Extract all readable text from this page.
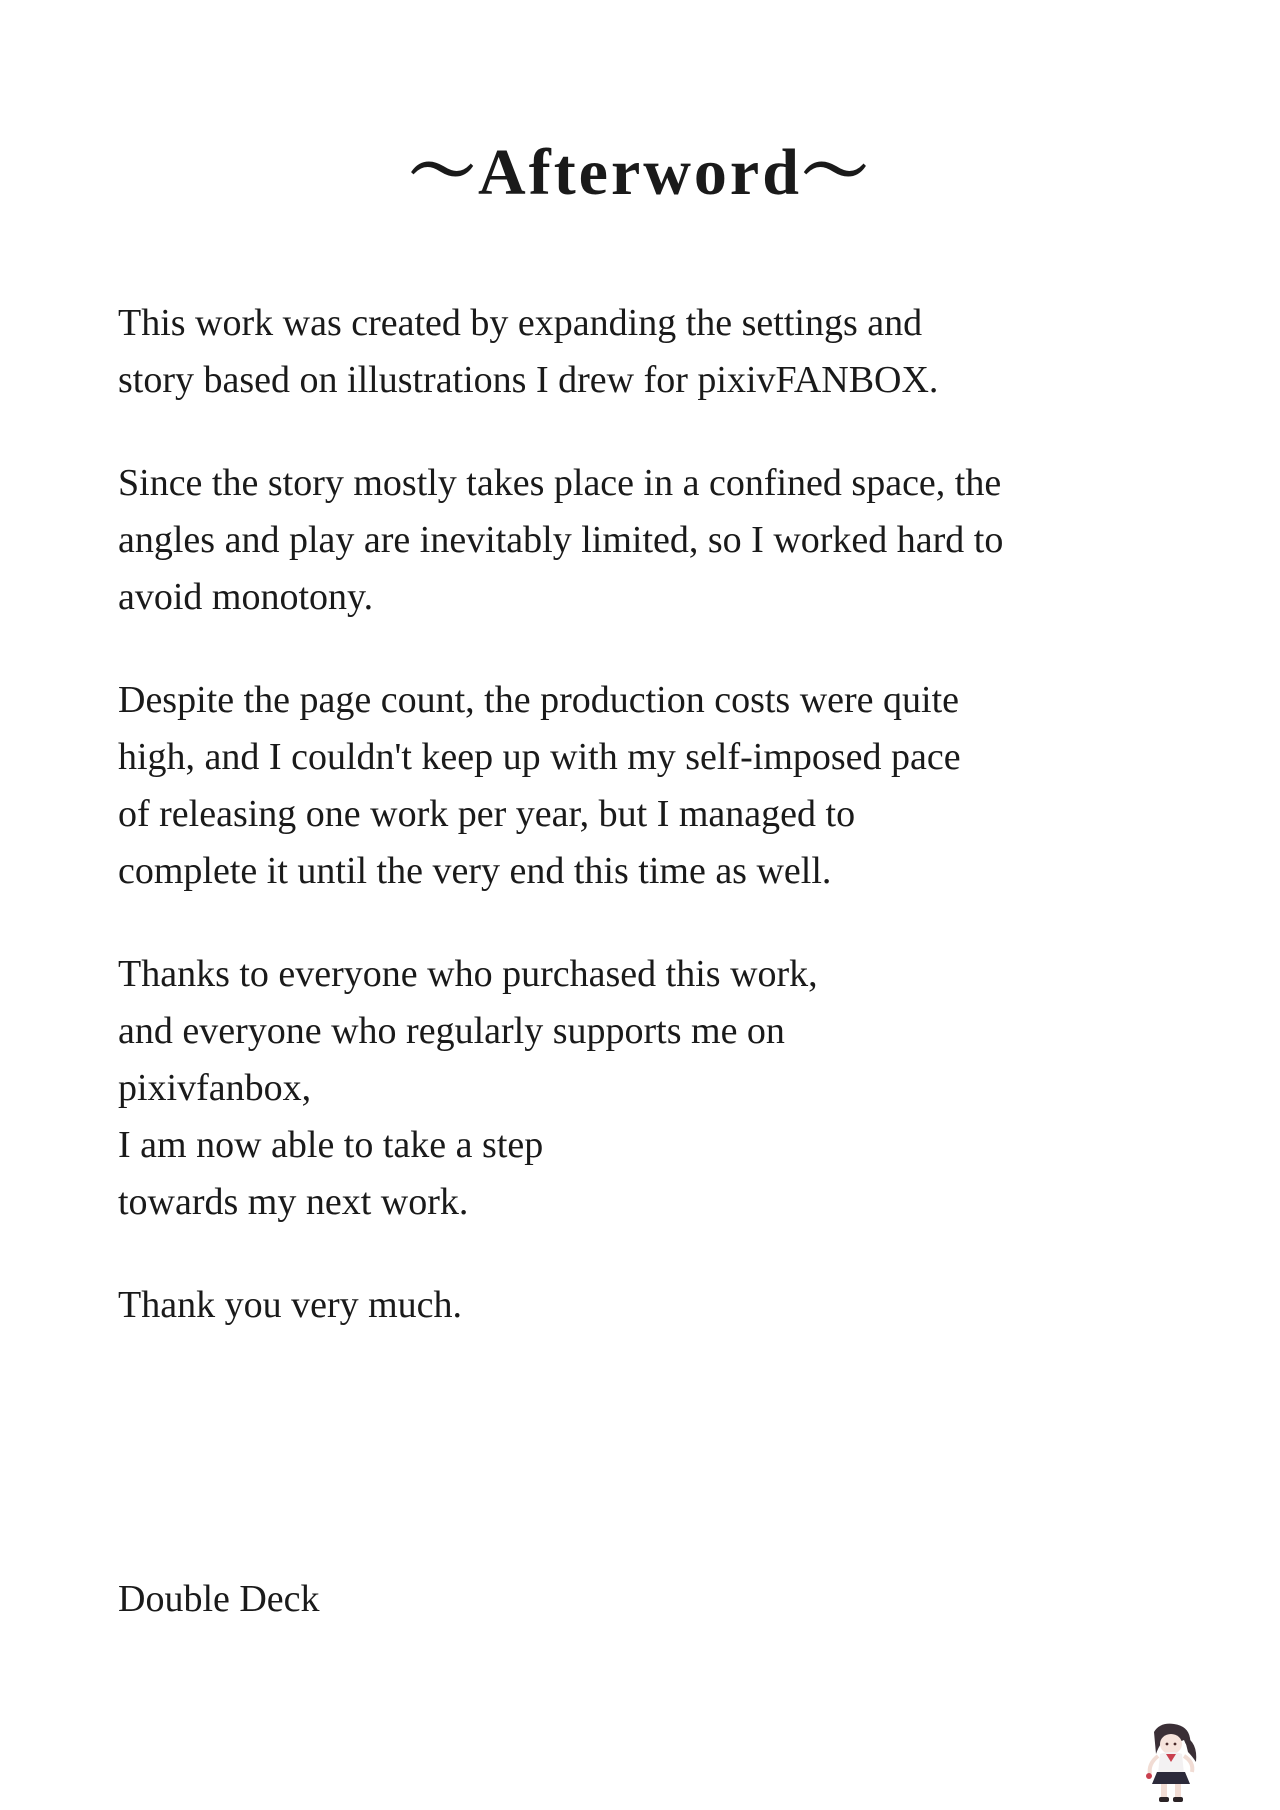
～Afterword～

This work was created by expanding the settings and
story based on illustrations I drew for pixivFANBOX.

Since the story mostly takes place in a confined space, the
angles and play are inevitably limited, so I worked hard to
avoid monotony.

Despite the page count, the production costs were quite
high, and I couldn't keep up with my self-imposed pace
of releasing one work per year, but I managed to
complete it until the very end this time as well.

Thanks to everyone who purchased this work,
and everyone who regularly supports me on
pixivfanbox,
I am now able to take a step
towards my next work.

Thank you very much.

Double Deck
